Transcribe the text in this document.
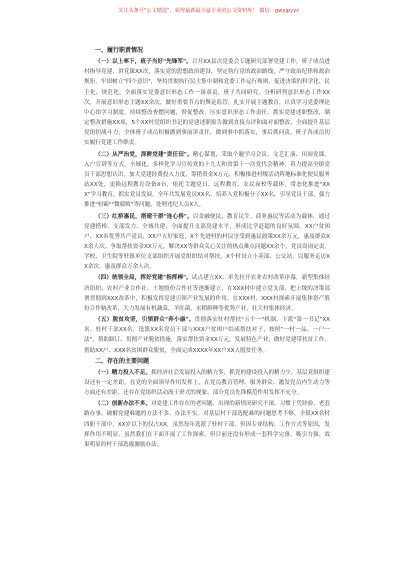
关注头条号"公文精选"，获得最新最全最专业的公文资料库！ 微信：gwxjpyyc
一、履行职责情况

（一）以上率下，班子当好"先锋军"。召开XX县次党委会专题研究部署党建工作，班子成员进村指导党建，讲党课XX次，落实党的思想政治建设，坚定执行党的政治路线，严守政治纪律和政治规矩，牢固树立"四个意识"，坚持贯彻执行民主集中制和党委工作运行规则，促进决策的科学化、民主化、规范化。全面落实党委意识形态工作一岗双责，班子共同研究，分析研判意识形态工作XX次，开展意识形态主题XX余次，做好重要节点的舆论监管，扎实开展主题教育，认真学习党委理论中心组学习制度，持续整改查摆问题，督促整改，压实意识形态工作责任。抓实党建述职整改，制定整改措施XX项，5个XX村党组织书记的党建述职报告做到直接点评和面对面整改，全面提升基层党组织战斗力，全体班子成员积极做到事前讲责任，做到事中抓落实，事后抓问责，班子各成员切实履行党建工作职责。

（二）从严治党，深耕党建"责任田"。精心谋划，采取个题学习会议、文艺汇演、田间党课、入户宣讲等方式，全域化，多样化学习宣传党的十九大和省第十一次党代会精神，着力提高全镇党员干部思想认识，加大党建经费投入力度，筹措资金X万元，积极推进村级活动阵地标准化便民服务站XX处，更换远程教育设备X台，依托主题党日、远程教育、农民夜校等载体，常态化推进"XXX"学习教育，抓实党员发展，全年共发展党员XX名，培养入党积极分子XX名，引导党员干部，强力推进"村霸""微腐败"等问题，处理违纪人员X人。

（三）红桥惠民，搭建干群"连心桥"。以金融便民、教育民生、商业惠民等活动为载体，通过党建搭桥、支部发力、全域共建，全面提升支部党建水平，形成比学赶超的良好氛围。XX户贫困户、XX名优秀共产党员、XX户五好家庭，X个先进村的村民享受到惠民政策XX余万元，惠及群众XX余人次。争取帮扶资金XX万元，解决XX等群众关心关注的热点难点问题XX余个。党员设岗定责，学校、卫生院等驻镇单位支部组织开展党组织结对帮扶，X个村设立小卖部、公交站，以服务走访XX余次，惠及群众万余人次。

（四）统领全局，挥好党建"指挥棒"。试点建立XX，率先拉开农业农村改革序幕，新型集体经济组织、农村产业合作社、土地股份合作社等逐渐建立，在XXX村中建立党支部，把上级的决策部署贯彻到XXX改革中，积极发挥党建引领产业发展的作用，在XXX村、XXX村探索开展集体资产股份合作制改革，大力发展有机蔬菜、羊肚菌、水稻鲜种等优势产业，壮大村集体经济。

（五）脱贫攻坚，引领群众"奔小康"。贯彻落实驻村帮扶"五个一"机制，下派"第一书记"XX名、驻村干部XX名，选派XX名党员干部与XXX户贫困户结成帮扶对子，按照"一村一品、一户一法"，帮助制订、贯彻产业脱贫措施，落实帮扶资金XX万元，发展特色产业，做好党建带扶贫工作，帮助XX户、XXX名贫困群众脱贫，全面完成XXXX年XX户XX人脱贫任务。

二、存在的主要问题

（一）精力投入不足。抓经济社会发展投入的精力多，抓党的建设投入的精力少，基层党组织建设还有一定差距，在党的全面领导作用发挥上，在党员教育管理、服务群众、激发党员内生动力等方面还有差距，还存在党组织活动流于形式的现象，部分党员先锋模范作用发挥不充分。

（二）创新办法不多。对党建工作存在的老问题、出现的新情况研究不深，习惯于凭经验、老套路办事，破解党建难题的方法不多、办法不实。对基层村干部选配难的问题思考不够，全镇XX名村四职干部中，XX岁以下的仅占XX，虽然每年选派了驻村干部，但因专业结构、工作方式等原因，发挥作用不明显，虽然我们在下面开展了工作探索，但目前还没有形成一套科学完备、吸引力强、效果明显的村干部选拔激励办法。
